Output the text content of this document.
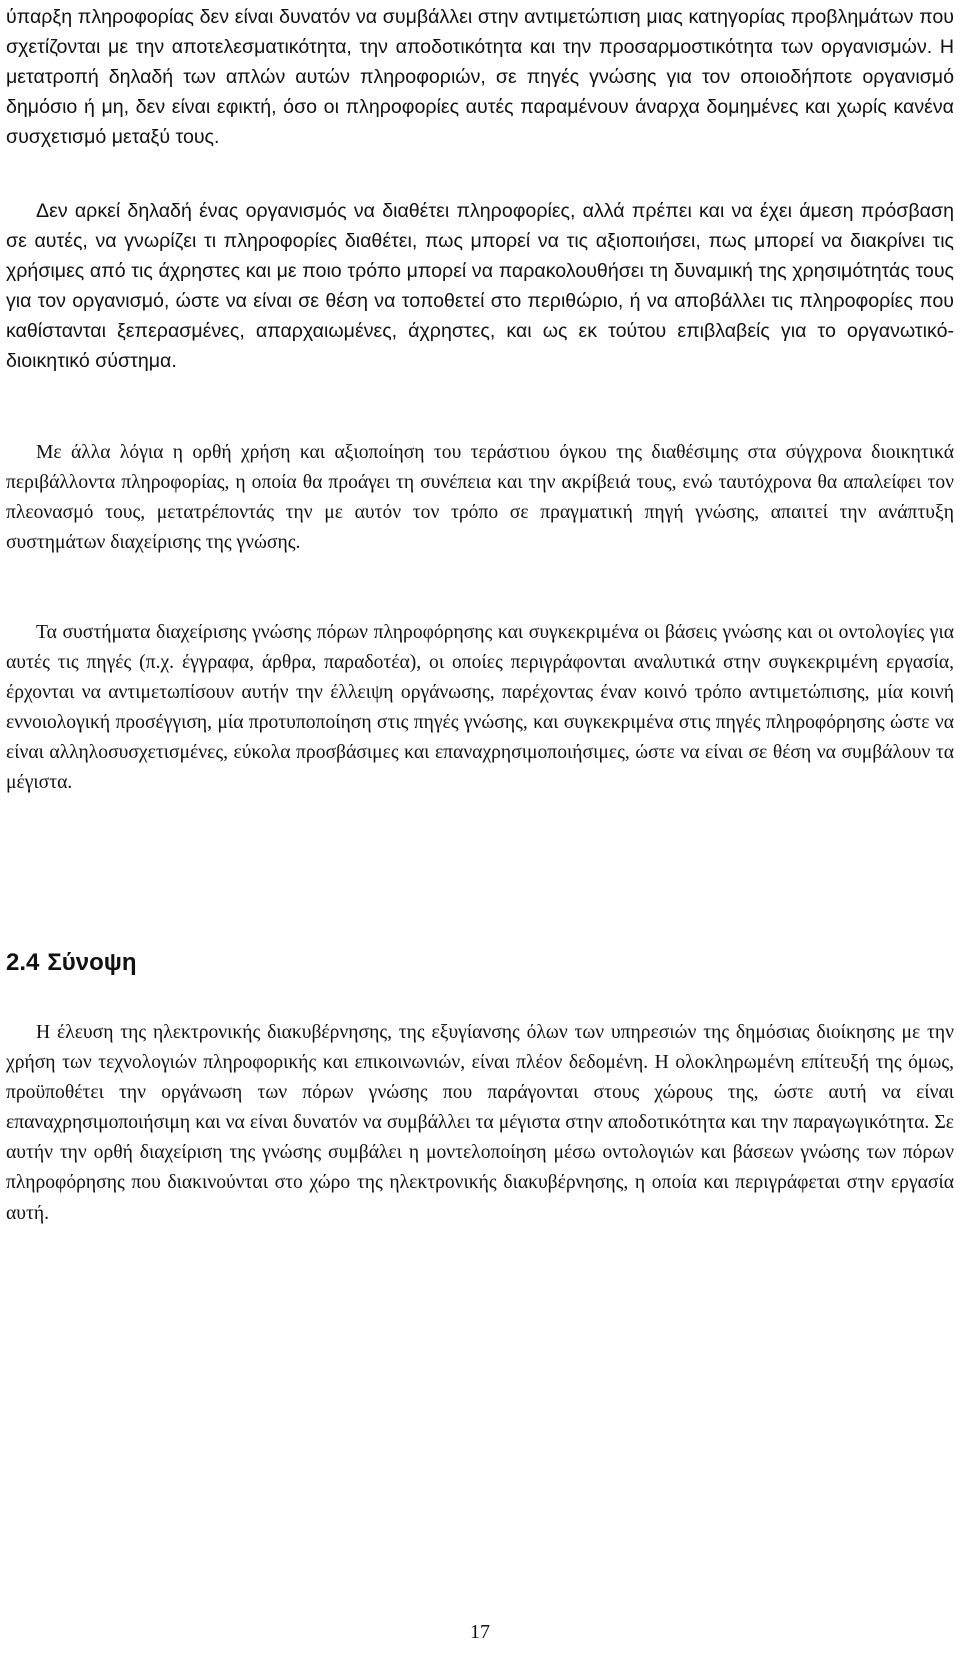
ύπαρξη πληροφορίας δεν είναι δυνατόν να συμβάλλει στην αντιμετώπιση μιας κατηγορίας προβλημάτων που σχετίζονται με την αποτελεσματικότητα, την αποδοτικότητα και την προσαρμοστικότητα των οργανισμών. Η μετατροπή δηλαδή των απλών αυτών πληροφοριών, σε πηγές γνώσης για τον οποιοδήποτε οργανισμό δημόσιο ή μη, δεν είναι εφικτή, όσο οι πληροφορίες αυτές παραμένουν άναρχα δομημένες και χωρίς κανένα συσχετισμό μεταξύ τους.

Δεν αρκεί δηλαδή ένας οργανισμός να διαθέτει πληροφορίες, αλλά πρέπει και να έχει άμεση πρόσβαση σε αυτές, να γνωρίζει τι πληροφορίες διαθέτει, πως μπορεί να τις αξιοποιήσει, πως μπορεί να διακρίνει τις χρήσιμες από τις άχρηστες και με ποιο τρόπο μπορεί να παρακολουθήσει τη δυναμική της χρησιμότητάς τους για τον οργανισμό, ώστε να είναι σε θέση να τοποθετεί στο περιθώριο, ή να αποβάλλει τις πληροφορίες που καθίστανται ξεπερασμένες, απαρχαιωμένες, άχρηστες, και ως εκ τούτου επιβλαβείς για το οργανωτικό-διοικητικό σύστημα.

Με άλλα λόγια η ορθή χρήση και αξιοποίηση του τεράστιου όγκου της διαθέσιμης στα σύγχρονα διοικητικά περιβάλλοντα πληροφορίας, η οποία θα προάγει τη συνέπεια και την ακρίβειά τους, ενώ ταυτόχρονα θα απαλείφει τον πλεονασμό τους, μετατρέποντάς την με αυτόν τον τρόπο σε πραγματική πηγή γνώσης, απαιτεί την ανάπτυξη συστημάτων διαχείρισης της γνώσης.

Τα συστήματα διαχείρισης γνώσης πόρων πληροφόρησης και συγκεκριμένα οι βάσεις γνώσης και οι οντολογίες για αυτές τις πηγές (π.χ. έγγραφα, άρθρα, παραδοτέα), οι οποίες περιγράφονται αναλυτικά στην συγκεκριμένη εργασία, έρχονται να αντιμετωπίσουν αυτήν την έλλειψη οργάνωσης, παρέχοντας έναν κοινό τρόπο αντιμετώπισης, μία κοινή εννοιολογική προσέγγιση, μία προτυποποίηση στις πηγές γνώσης, και συγκεκριμένα στις πηγές πληροφόρησης ώστε να είναι αλληλοσυσχετισμένες, εύκολα προσβάσιμες και επαναχρησιμοποιήσιμες, ώστε να είναι σε θέση να συμβάλουν τα μέγιστα.

2.4 Σύνοψη

Η έλευση της ηλεκτρονικής διακυβέρνησης, της εξυγίανσης όλων των υπηρεσιών της δημόσιας διοίκησης με την χρήση των τεχνολογιών πληροφορικής και επικοινωνιών, είναι πλέον δεδομένη. Η ολοκληρωμένη επίτευξή της όμως, προϋποθέτει την οργάνωση των πόρων γνώσης που παράγονται στους χώρους της, ώστε αυτή να είναι επαναχρησιμοποιήσιμη και να είναι δυνατόν να συμβάλλει τα μέγιστα στην αποδοτικότητα και την παραγωγικότητα. Σε αυτήν την ορθή διαχείριση της γνώσης συμβάλει η μοντελοποίηση μέσω οντολογιών και βάσεων γνώσης των πόρων πληροφόρησης που διακινούνται στο χώρο της ηλεκτρονικής διακυβέρνησης, η οποία και περιγράφεται στην εργασία αυτή.

17
